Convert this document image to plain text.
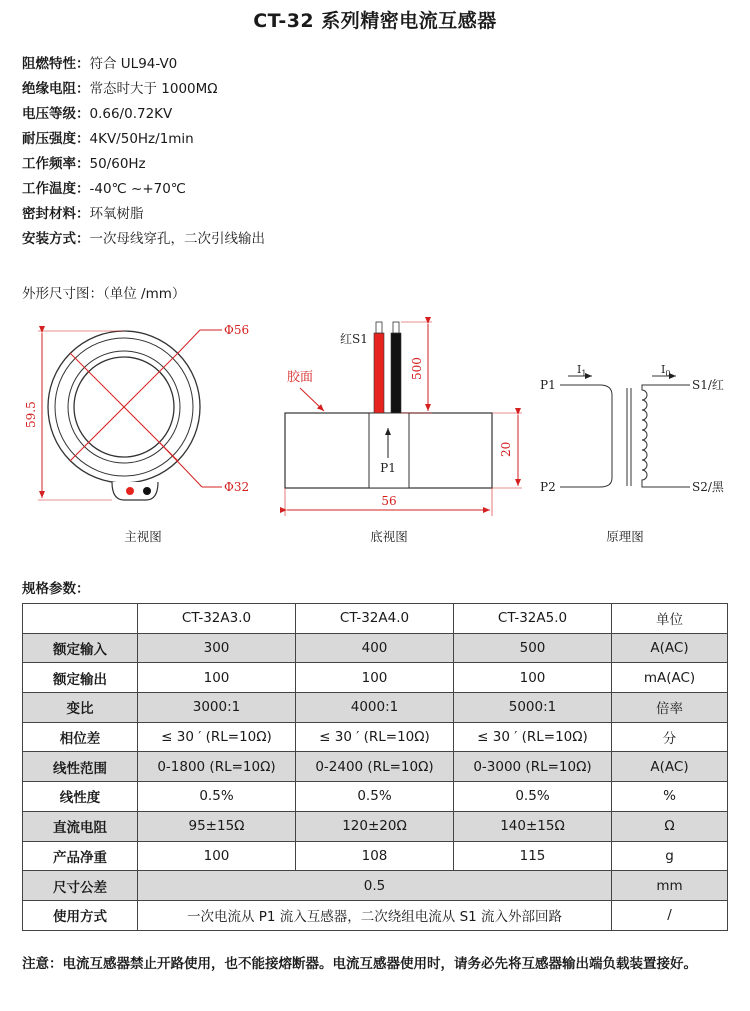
CT-32 系列精密电流互感器
阻燃特性：符合 UL94-V0
绝缘电阻：常态时大于 1000MΩ
电压等级：0.66/0.72KV
耐压强度：4KV/50Hz/1min
工作频率：50/60Hz
工作温度：-40℃ ~+70℃
密封材料：环氧树脂
安装方式：一次母线穿孔，二次引线输出
外形尺寸图：（单位 /mm）
Φ56
Φ32
59.5
主视图
红S1
500
胶面
P1
20
56
底视图
P1
P2
$I_1$	$I_0$
S1/红
S2/黑
原理图
规格参数：
	CT-32A3.0	CT-32A4.0	CT-32A5.0	单位
额定输入	300	400	500	A(AC)
额定输出	100	100	100	mA(AC)
变比	3000:1	4000:1	5000:1	倍率
相位差	≤ 30 ′ (RL=10Ω)	≤ 30 ′ (RL=10Ω)	≤ 30 ′ (RL=10Ω)	分
线性范围	0-1800 (RL=10Ω)	0-2400 (RL=10Ω)	0-3000 (RL=10Ω)	A(AC)
线性度	0.5%	0.5%	0.5%	%
直流电阻	95±15Ω	120±20Ω	140±15Ω	Ω
产品净重	100	108	115	g
尺寸公差	0.5			mm
使用方式	一次电流从 P1 流入互感器，二次绕组电流从 S1 流入外部回路			/
注意：电流互感器禁止开路使用，也不能接熔断器。电流互感器使用时，请务必先将互感器输出端负载装置接好。
